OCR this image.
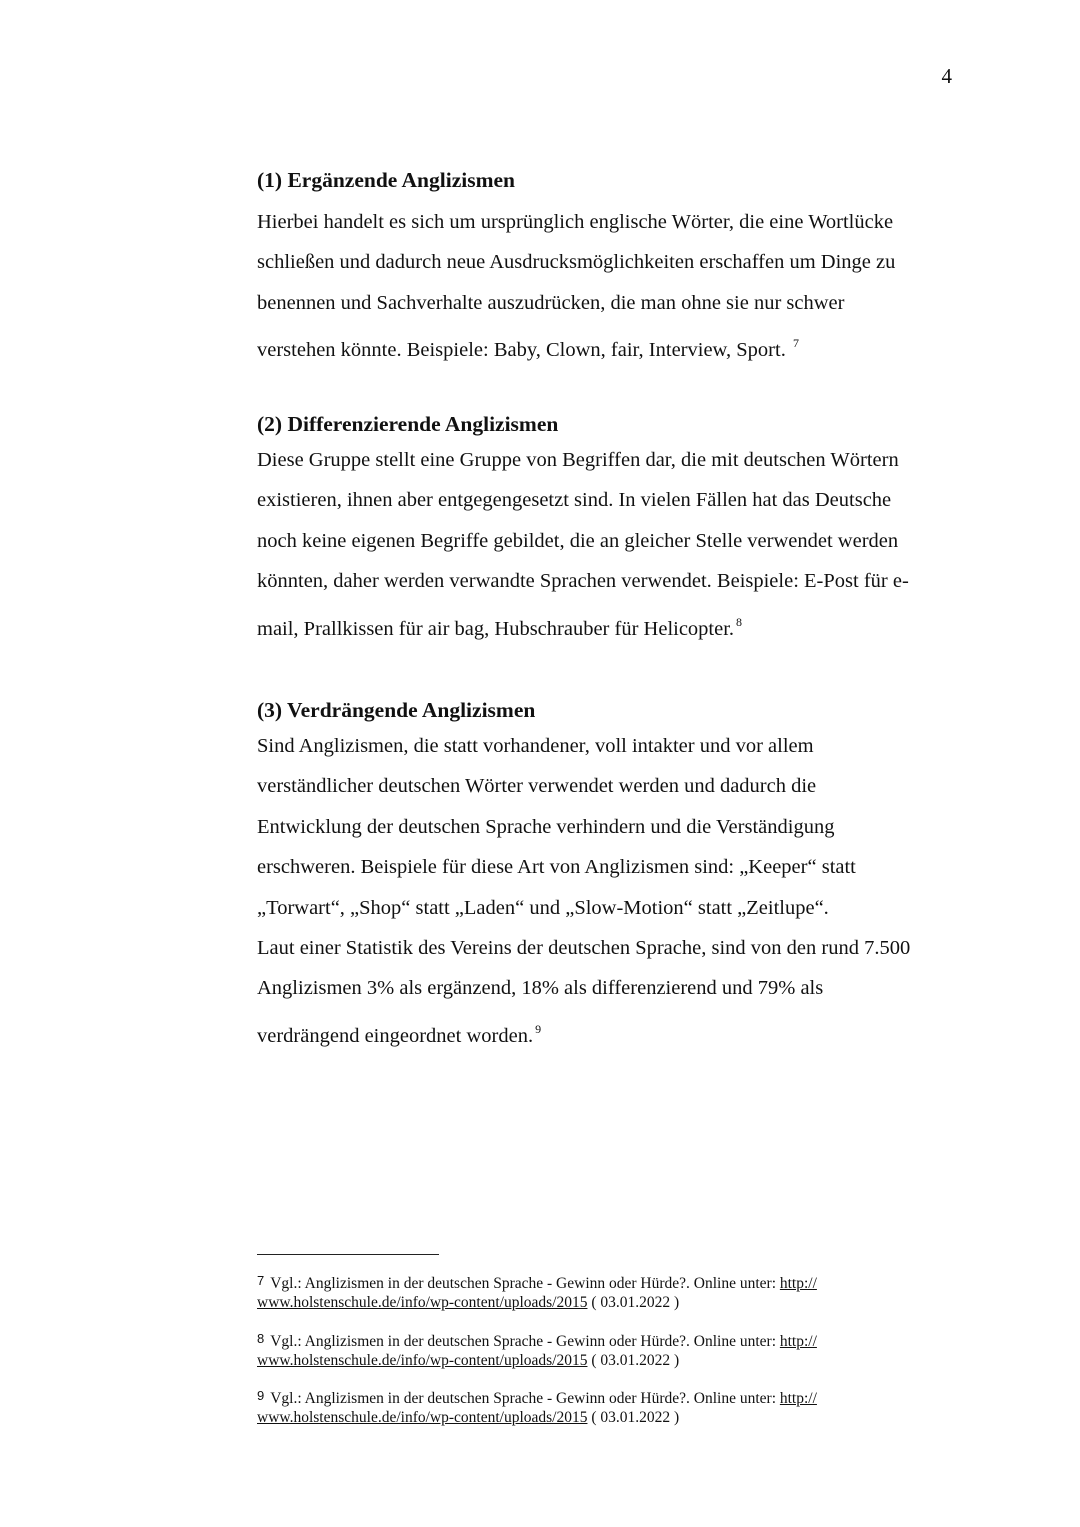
4
(1) Ergänzende Anglizismen

Hierbei handelt es sich um ursprünglich englische Wörter, die eine Wortlücke
schließen und dadurch neue Ausdrucksmöglichkeiten erschaffen um Dinge zu
benennen und Sachverhalte auszudrücken, die man ohne sie nur schwer
verstehen könnte. Beispiele: Baby, Clown, fair, Interview, Sport. $^7$

(2) Differenzierende Anglizismen

Diese Gruppe stellt eine Gruppe von Begriffen dar, die mit deutschen Wörtern
existieren, ihnen aber entgegengesetzt sind. In vielen Fällen hat das Deutsche
noch keine eigenen Begriffe gebildet, die an gleicher Stelle verwendet werden
könnten, daher werden verwandte Sprachen verwendet. Beispiele: E-Post für e-
mail, Prallkissen für air bag, Hubschrauber für Helicopter. $^8$

(3) Verdrängende Anglizismen

Sind Anglizismen, die statt vorhandener, voll intakter und vor allem
verständlicher deutschen Wörter verwendet werden und dadurch die
Entwicklung der deutschen Sprache verhindern und die Verständigung
erschweren. Beispiele für diese Art von Anglizismen sind: „Keeper“ statt
„Torwart“, „Shop“ statt „Laden“ und „Slow-Motion“ statt „Zeitlupe“.
Laut einer Statistik des Vereins der deutschen Sprache, sind von den rund 7.500
Anglizismen 3% als ergänzend, 18% als differenzierend und 79% als
verdrängend eingeordnet worden. $^9$

7 Vgl.: Anglizismen in der deutschen Sprache - Gewinn oder Hürde?. Online unter: http://
www.holstenschule.de/info/wp-content/uploads/2015 ( 03.01.2022 )
8 Vgl.: Anglizismen in der deutschen Sprache - Gewinn oder Hürde?. Online unter: http://
www.holstenschule.de/info/wp-content/uploads/2015 ( 03.01.2022 )
9 Vgl.: Anglizismen in der deutschen Sprache - Gewinn oder Hürde?. Online unter: http://
www.holstenschule.de/info/wp-content/uploads/2015 ( 03.01.2022 )
